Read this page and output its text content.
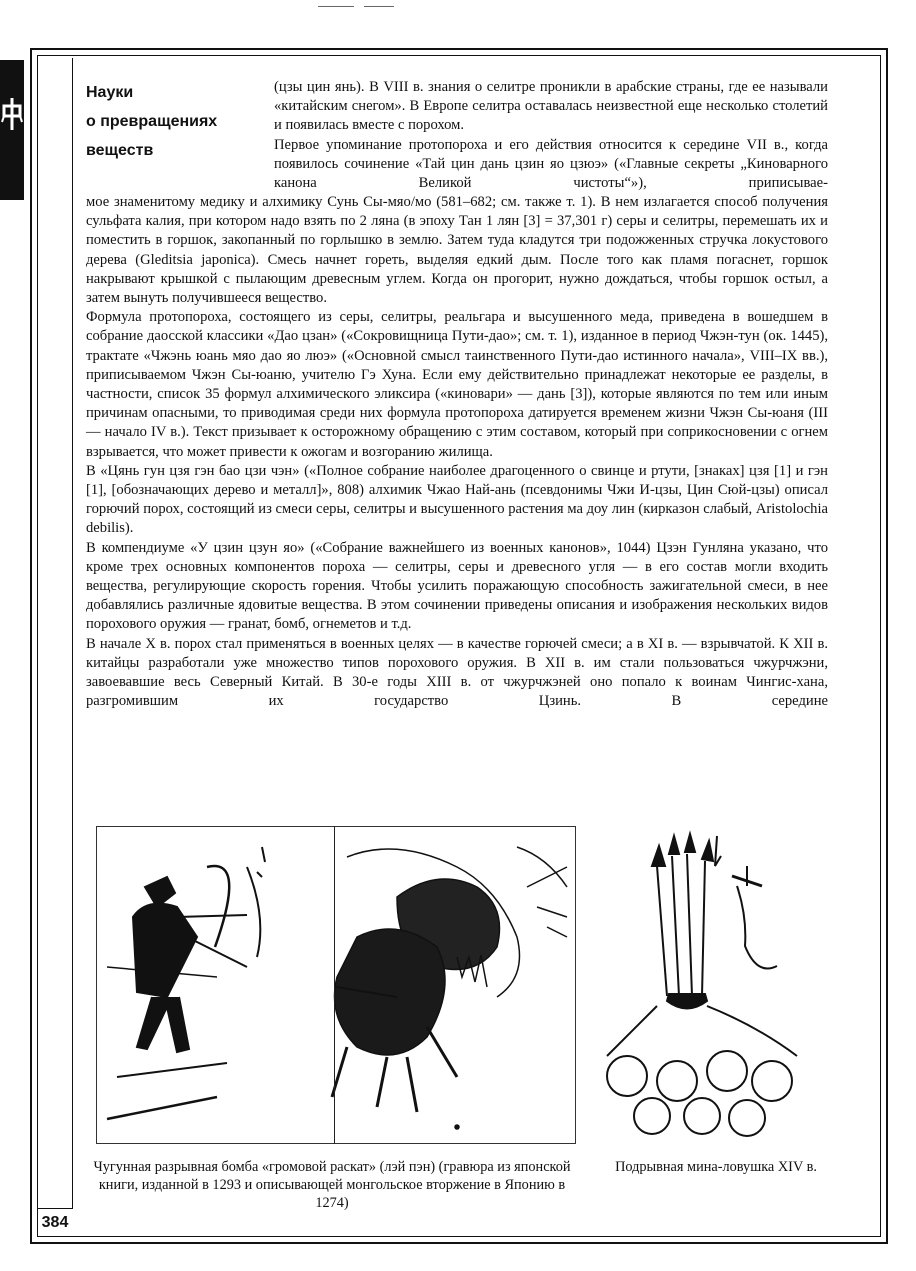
Науки
о превращениях
веществ

(цзы цин янь). В VIII в. знания о селитре проникли в арабские страны, где ее называли «китайским снегом». В Европе селитра оставалась неизвестной еще несколько столетий и появилась вместе с порохом.

Первое упоминание протопороха и его действия относится к середине VII в., когда появилось сочинение «Тай цин дань цзин яо цзюэ» («Главные секреты „Киноварного канона Великой чистоты“»), приписывае-

мое знаменитому медику и алхимику Сунь Сы-мяо/мо (581–682; см. также т. 1). В нем излагается способ получения сульфата калия, при котором надо взять по 2 ляна (в эпоху Тан 1 лян [3] = 37,301 г) серы и селитры, перемешать их и поместить в горшок, закопанный по горлышко в землю. Затем туда кладутся три подожженных стручка локустового дерева (Gleditsia japonica). Смесь начнет гореть, выделяя едкий дым. После того как пламя погаснет, горшок накрывают крышкой с пылающим древесным углем. Когда он прогорит, нужно дождаться, чтобы горшок остыл, а затем вынуть получившееся вещество.

Формула протопороха, состоящего из серы, селитры, реальгара и высушенного меда, приведена в вошедшем в собрание даосской классики «Дао цзан» («Сокровищница Пути-дао»; см. т. 1), изданное в период Чжэн-тун (ок. 1445), трактате «Чжэнь юань мяо дао яо люэ» («Основной смысл таинственного Пути-дао истинного начала», VIII–IX вв.), приписываемом Чжэн Сы-юаню, учителю Гэ Хуна. Если ему действительно принадлежат некоторые ее разделы, в частности, список 35 формул алхимического эликсира («киновари» — дань [3]), которые являются по тем или иным причинам опасными, то приводимая среди них формула протопороха датируется временем жизни Чжэн Сы-юаня (III — начало IV в.). Текст призывает к осторожному обращению с этим составом, который при соприкосновении с огнем взрывается, что может привести к ожогам и возгоранию жилища.

В «Цянь гун цзя гэн бао цзи чэн» («Полное собрание наиболее драгоценного о свинце и ртути, [знаках] цзя [1] и гэн [1], [обозначающих дерево и металл]», 808) алхимик Чжао Най-ань (псевдонимы Чжи И-цзы, Цин Сюй-цзы) описал горючий порох, состоящий из смеси серы, селитры и высушенного растения ма доу лин (кирказон слабый, Aristolochia debilis).

В компендиуме «У цзин цзун яо» («Собрание важнейшего из военных канонов», 1044) Цзэн Гунляна указано, что кроме трех основных компонентов пороха — селитры, серы и древесного угля — в его состав могли входить вещества, регулирующие скорость горения. Чтобы усилить поражающую способность зажигательной смеси, в нее добавлялись различные ядовитые вещества. В этом сочинении приведены описания и изображения нескольких видов порохового оружия — гранат, бомб, огнеметов и т.д.

В начале X в. порох стал применяться в военных целях — в качестве горючей смеси; а в XI в. — взрывчатой. К XII в. китайцы разработали уже множество типов порохового оружия. В XII в. им стали пользоваться чжурчжэни, завоевавшие весь Северный Китай. В 30-е годы XIII в. от чжурчжэней оно попало к воинам Чингис-хана, разгромившим их государство Цзинь. В середине

Чугунная разрывная бомба «громовой раскат» (лэй пэн) (гравюра из японской книги, изданной в 1293 и описывающей монгольское вторжение в Японию в 1274)

Подрывная мина-ловушка XIV в.

384
